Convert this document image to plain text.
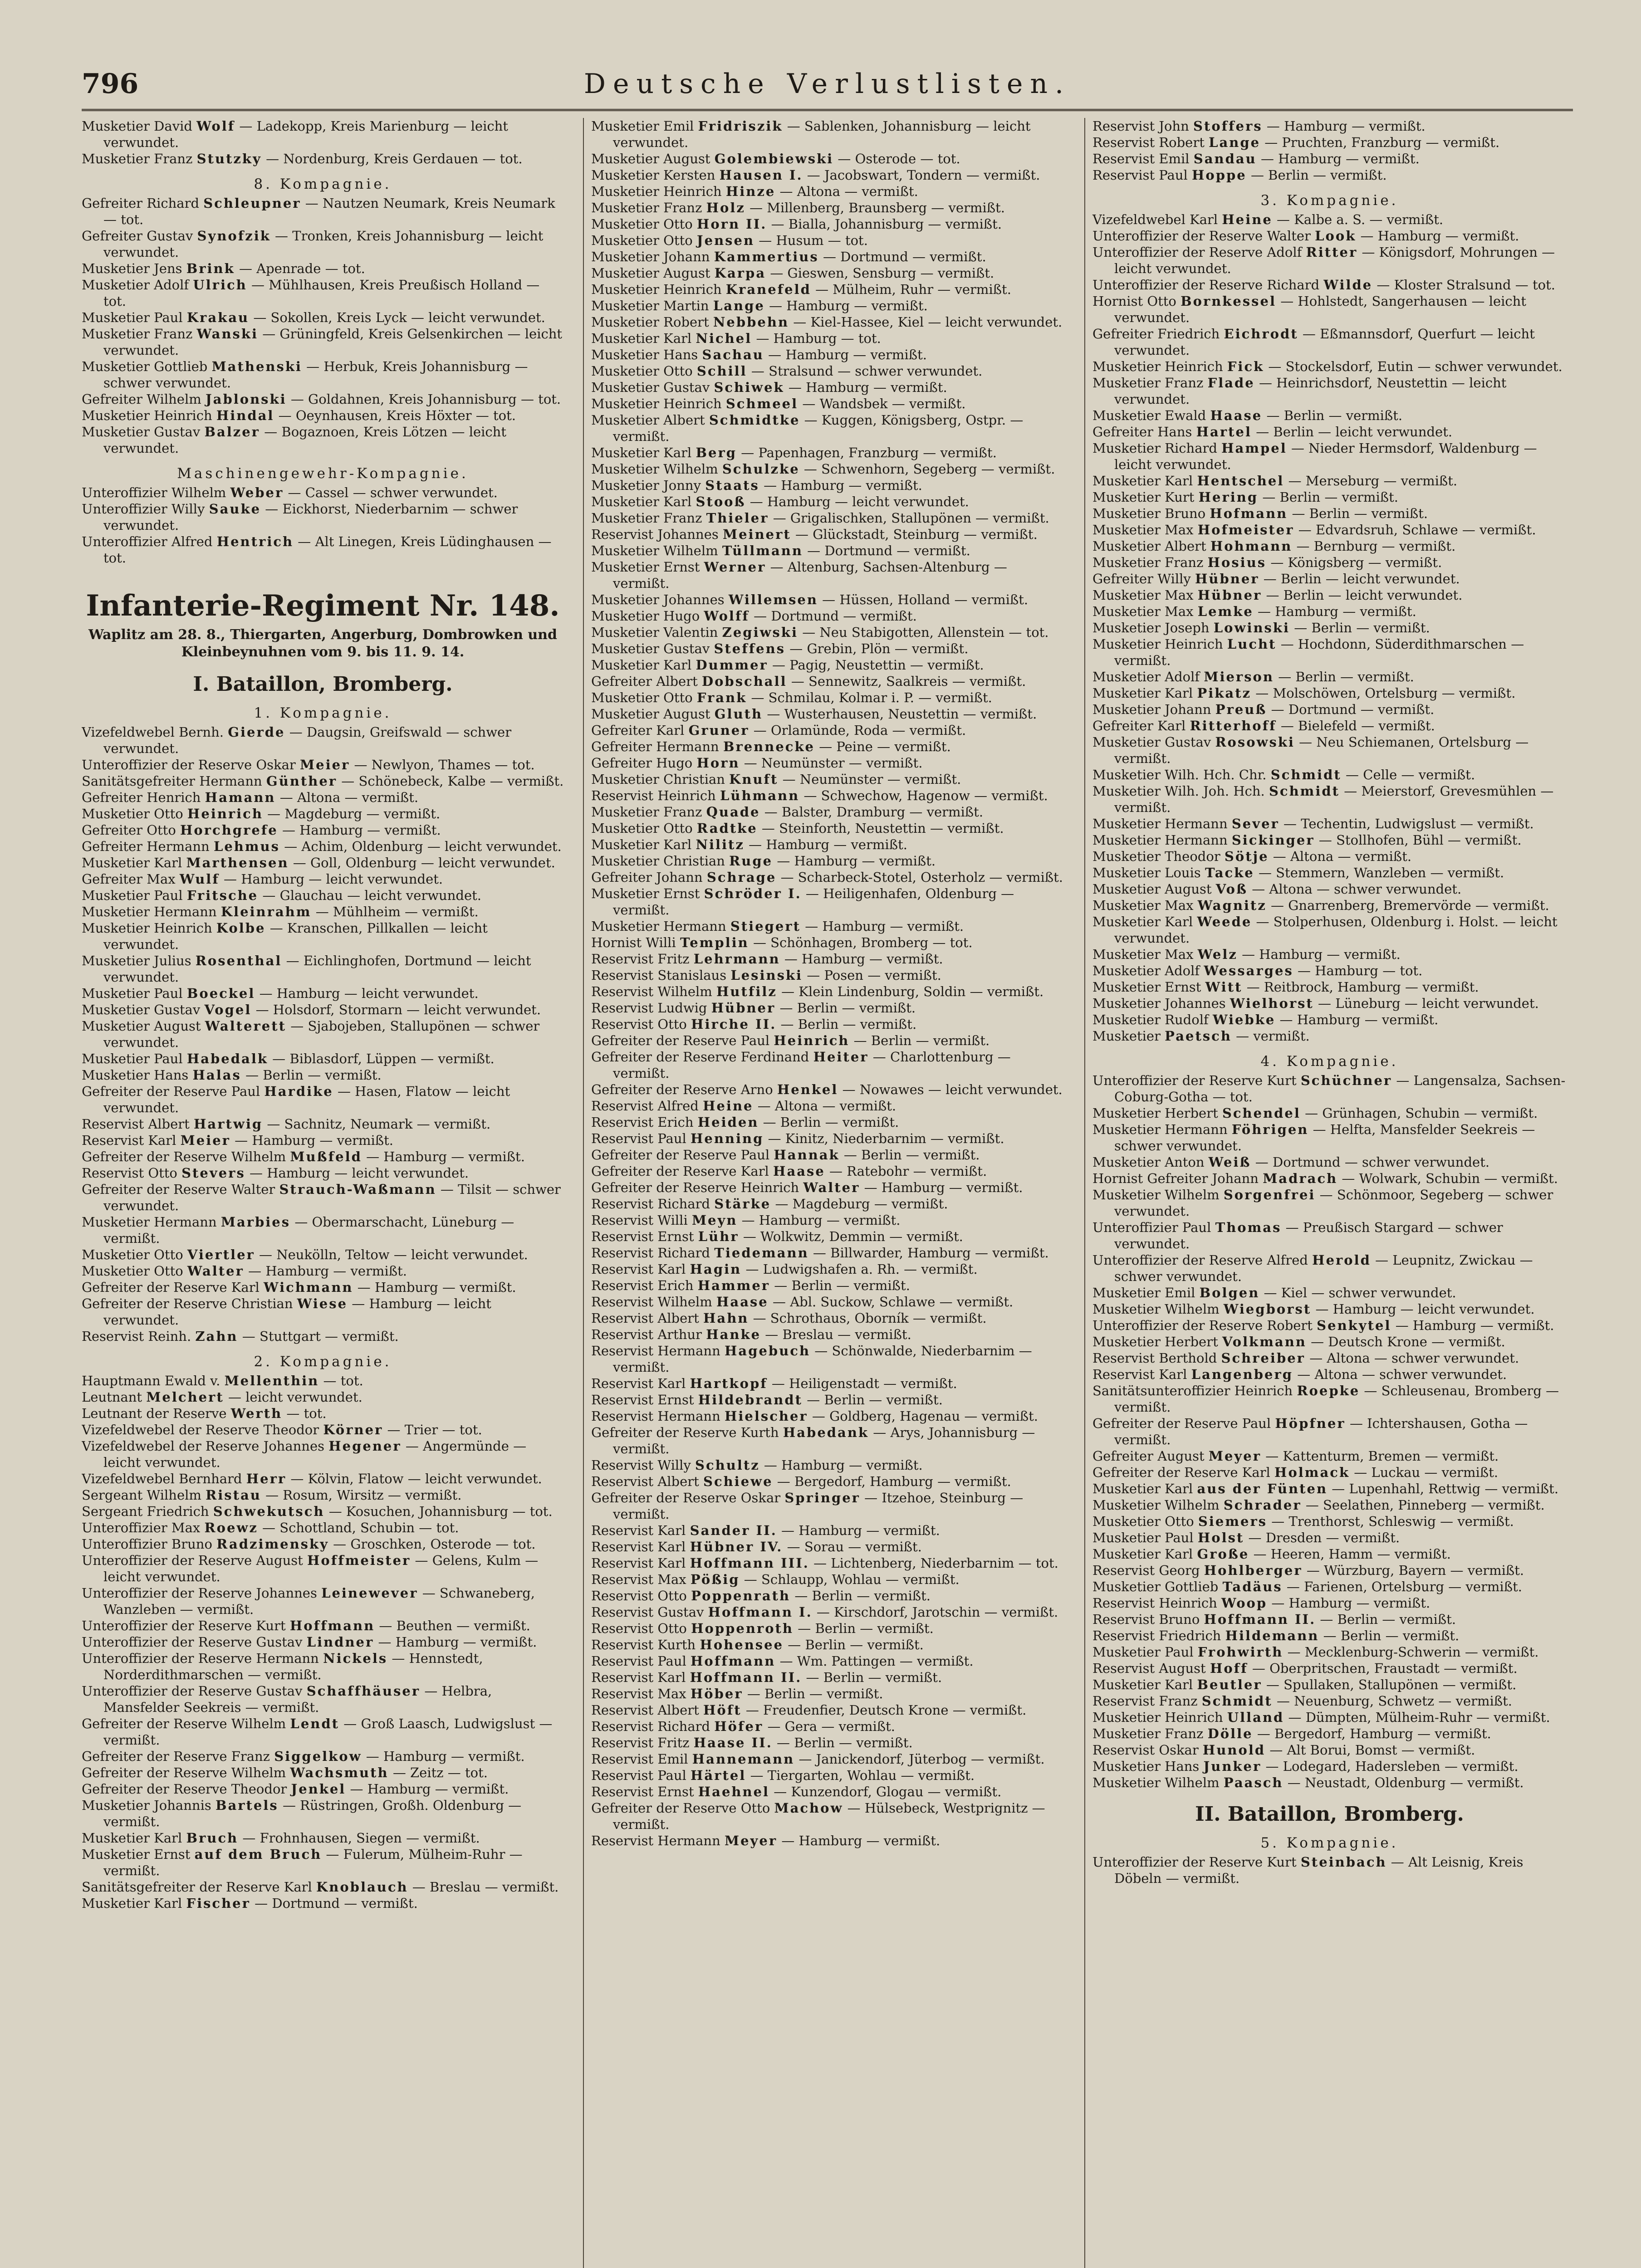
796	Deutsche Verlustlisten.

Musketier David Wolf — Ladekopp, Kreis Marienburg — leicht verwundet.

Musketier Franz Stutzky — Nordenburg, Kreis Gerdauen — tot.

8. Kompagnie.

Gefreiter Richard Schleupner — Nautzen Neumark, Kreis Neumark — tot.

Gefreiter Gustav Synofzik — Tronken, Kreis Johannisburg — leicht verwundet.

Musketier Jens Brink — Apenrade — tot.

Musketier Adolf Ulrich — Mühlhausen, Kreis Preußisch Holland — tot.

Musketier Paul Krakau — Sokollen, Kreis Lyck — leicht verwundet.

Musketier Franz Wanski — Grüningfeld, Kreis Gelsenkirchen — leicht verwundet.

Musketier Gottlieb Mathenski — Herbuk, Kreis Johannisburg — schwer verwundet.

Gefreiter Wilhelm Jablonski — Goldahnen, Kreis Johannisburg — tot.

Musketier Heinrich Hindal — Oeynhausen, Kreis Höxter — tot.

Musketier Gustav Balzer — Bogaznoen, Kreis Lötzen — leicht verwundet.

Maschinengewehr-Kompagnie.

Unteroffizier Wilhelm Weber — Cassel — schwer verwundet.

Unteroffizier Willy Sauke — Eickhorst, Niederbarnim — schwer verwundet.

Unteroffizier Alfred Hentrich — Alt Linegen, Kreis Lüdinghausen — tot.

Infanterie-Regiment Nr. 148.
Waplitz am 28. 8., Thiergarten, Angerburg, Dombrowken und Kleinbeynuhnen vom 9. bis 11. 9. 14.
I. Bataillon, Bromberg.
1. Kompagnie.

Vizefeldwebel Bernh. Gierde — Daugsin, Greifswald — schwer verwundet.

Unteroffizier der Reserve Oskar Meier — Newlyon, Thames — tot.

Sanitätsgefreiter Hermann Günther — Schönebeck, Kalbe — vermißt.

Gefreiter Henrich Hamann — Altona — vermißt.

Musketier Otto Heinrich — Magdeburg — vermißt.

Gefreiter Otto Horchgrefe — Hamburg — vermißt.

Gefreiter Hermann Lehmus — Achim, Oldenburg — leicht verwundet.

Musketier Karl Marthensen — Goll, Oldenburg — leicht verwundet.

Gefreiter Max Wulf — Hamburg — leicht verwundet.

Musketier Paul Fritsche — Glauchau — leicht verwundet.

Musketier Hermann Kleinrahm — Mühlheim — vermißt.

Musketier Heinrich Kolbe — Kranschen, Pillkallen — leicht verwundet.

Musketier Julius Rosenthal — Eichlinghofen, Dortmund — leicht verwundet.

Musketier Paul Boeckel — Hamburg — leicht verwundet.

Musketier Gustav Vogel — Holsdorf, Stormarn — leicht verwundet.

Musketier August Walterett — Sjabojeben, Stallupönen — schwer verwundet.

Musketier Paul Habedalk — Biblasdorf, Lüppen — vermißt.

Musketier Hans Halas — Berlin — vermißt.

Gefreiter der Reserve Paul Hardike — Hasen, Flatow — leicht verwundet.

Reservist Albert Hartwig — Sachnitz, Neumark — vermißt.

Reservist Karl Meier — Hamburg — vermißt.

Gefreiter der Reserve Wilhelm Mußfeld — Hamburg — vermißt.

Reservist Otto Stevers — Hamburg — leicht verwundet.

Gefreiter der Reserve Walter Strauch-Waßmann — Tilsit — schwer verwundet.

Musketier Hermann Marbies — Obermarschacht, Lüneburg — vermißt.

Musketier Otto Viertler — Neukölln, Teltow — leicht verwundet.

Musketier Otto Walter — Hamburg — vermißt.

Gefreiter der Reserve Karl Wichmann — Hamburg — vermißt.

Gefreiter der Reserve Christian Wiese — Hamburg — leicht verwundet.

Reservist Reinh. Zahn — Stuttgart — vermißt.

2. Kompagnie.

Hauptmann Ewald v. Mellenthin — tot.

Leutnant Melchert — leicht verwundet.

Leutnant der Reserve Werth — tot.

Vizefeldwebel der Reserve Theodor Körner — Trier — tot.

Vizefeldwebel der Reserve Johannes Hegener — Angermünde — leicht verwundet.

Vizefeldwebel Bernhard Herr — Kölvin, Flatow — leicht verwundet.

Sergeant Wilhelm Ristau — Rosum, Wirsitz — vermißt.

Sergeant Friedrich Schwekutsch — Kosuchen, Johannisburg — tot.

Unteroffizier Max Roewz — Schottland, Schubin — tot.

Unteroffizier Bruno Radzimensky — Groschken, Osterode — tot.

Unteroffizier der Reserve August Hoffmeister — Gelens, Kulm — leicht verwundet.

Unteroffizier der Reserve Johannes Leinewever — Schwaneberg, Wanzleben — vermißt.

Unteroffizier der Reserve Kurt Hoffmann — Beuthen — vermißt.

Unteroffizier der Reserve Gustav Lindner — Hamburg — vermißt.

Unteroffizier der Reserve Hermann Nickels — Hennstedt, Norderdithmarschen — vermißt.

Unteroffizier der Reserve Gustav Schaffhäuser — Helbra, Mansfelder Seekreis — vermißt.

Gefreiter der Reserve Wilhelm Lendt — Groß Laasch, Ludwigslust — vermißt.

Gefreiter der Reserve Franz Siggelkow — Hamburg — vermißt.

Gefreiter der Reserve Wilhelm Wachsmuth — Zeitz — tot.

Gefreiter der Reserve Theodor Jenkel — Hamburg — vermißt.

Musketier Johannis Bartels — Rüstringen, Großh. Oldenburg — vermißt.

Musketier Karl Bruch — Frohnhausen, Siegen — vermißt.

Musketier Ernst auf dem Bruch — Fulerum, Mülheim-Ruhr — vermißt.

Sanitätsgefreiter der Reserve Karl Knoblauch — Breslau — vermißt.

Musketier Karl Fischer — Dortmund — vermißt.

Musketier Emil Fridriszik — Sablenken, Johannisburg — leicht verwundet.

Musketier August Golembiewski — Osterode — tot.

Musketier Kersten Hausen I. — Jacobswart, Tondern — vermißt.

Musketier Heinrich Hinze — Altona — vermißt.

Musketier Franz Holz — Millenberg, Braunsberg — vermißt.

Musketier Otto Horn II. — Bialla, Johannisburg — vermißt.

Musketier Otto Jensen — Husum — tot.

Musketier Johann Kammertius — Dortmund — vermißt.

Musketier August Karpa — Gieswen, Sensburg — vermißt.

Musketier Heinrich Kranefeld — Mülheim, Ruhr — vermißt.

Musketier Martin Lange — Hamburg — vermißt.

Musketier Robert Nebbehn — Kiel-Hassee, Kiel — leicht verwundet.

Musketier Karl Nichel — Hamburg — tot.

Musketier Hans Sachau — Hamburg — vermißt.

Musketier Otto Schill — Stralsund — schwer verwundet.

Musketier Gustav Schiwek — Hamburg — vermißt.

Musketier Heinrich Schmeel — Wandsbek — vermißt.

Musketier Albert Schmidtke — Kuggen, Königsberg, Ostpr. — vermißt.

Musketier Karl Berg — Papenhagen, Franzburg — vermißt.

Musketier Wilhelm Schulzke — Schwenhorn, Segeberg — vermißt.

Musketier Jonny Staats — Hamburg — vermißt.

Musketier Karl Stooß — Hamburg — leicht verwundet.

Musketier Franz Thieler — Grigalischken, Stallupönen — vermißt.

Reservist Johannes Meinert — Glückstadt, Steinburg — vermißt.

Musketier Wilhelm Tüllmann — Dortmund — vermißt.

Musketier Ernst Werner — Altenburg, Sachsen-Altenburg — vermißt.

Musketier Johannes Willemsen — Hüssen, Holland — vermißt.

Musketier Hugo Wolff — Dortmund — vermißt.

Musketier Valentin Zegiwski — Neu Stabigotten, Allenstein — tot.

Musketier Gustav Steffens — Grebin, Plön — vermißt.

Musketier Karl Dummer — Pagig, Neustettin — vermißt.

Gefreiter Albert Dobschall — Sennewitz, Saalkreis — vermißt.

Musketier Otto Frank — Schmilau, Kolmar i. P. — vermißt.

Musketier August Gluth — Wusterhausen, Neustettin — vermißt.

Gefreiter Karl Gruner — Orlamünde, Roda — vermißt.

Gefreiter Hermann Brennecke — Peine — vermißt.

Gefreiter Hugo Horn — Neumünster — vermißt.

Musketier Christian Knuft — Neumünster — vermißt.

Reservist Heinrich Lühmann — Schwechow, Hagenow — vermißt.

Musketier Franz Quade — Balster, Dramburg — vermißt.

Musketier Otto Radtke — Steinforth, Neustettin — vermißt.

Musketier Karl Nilitz — Hamburg — vermißt.

Musketier Christian Ruge — Hamburg — vermißt.

Gefreiter Johann Schrage — Scharbeck-Stotel, Osterholz — vermißt.

Musketier Ernst Schröder I. — Heiligenhafen, Oldenburg — vermißt.

Musketier Hermann Stiegert — Hamburg — vermißt.

Hornist Willi Templin — Schönhagen, Bromberg — tot.

Reservist Fritz Lehrmann — Hamburg — vermißt.

Reservist Stanislaus Lesinski — Posen — vermißt.

Reservist Wilhelm Hutfilz — Klein Lindenburg, Soldin — vermißt.

Reservist Ludwig Hübner — Berlin — vermißt.

Reservist Otto Hirche II. — Berlin — vermißt.

Gefreiter der Reserve Paul Heinrich — Berlin — vermißt.

Gefreiter der Reserve Ferdinand Heiter — Charlottenburg — vermißt.

Gefreiter der Reserve Arno Henkel — Nowawes — leicht verwundet.

Reservist Alfred Heine — Altona — vermißt.

Reservist Erich Heiden — Berlin — vermißt.

Reservist Paul Henning — Kinitz, Niederbarnim — vermißt.

Gefreiter der Reserve Paul Hannak — Berlin — vermißt.

Gefreiter der Reserve Karl Haase — Ratebohr — vermißt.

Gefreiter der Reserve Heinrich Walter — Hamburg — vermißt.

Reservist Richard Stärke — Magdeburg — vermißt.

Reservist Willi Meyn — Hamburg — vermißt.

Reservist Ernst Lühr — Wolkwitz, Demmin — vermißt.

Reservist Richard Tiedemann — Billwarder, Hamburg — vermißt.

Reservist Karl Hagin — Ludwigshafen a. Rh. — vermißt.

Reservist Erich Hammer — Berlin — vermißt.

Reservist Wilhelm Haase — Abl. Suckow, Schlawe — vermißt.

Reservist Albert Hahn — Schrothaus, Oborník — vermißt.

Reservist Arthur Hanke — Breslau — vermißt.

Reservist Hermann Hagebuch — Schönwalde, Niederbarnim — vermißt.

Reservist Karl Hartkopf — Heiligenstadt — vermißt.

Reservist Ernst Hildebrandt — Berlin — vermißt.

Reservist Hermann Hielscher — Goldberg, Hagenau — vermißt.

Gefreiter der Reserve Kurth Habedank — Arys, Johannisburg — vermißt.

Reservist Willy Schultz — Hamburg — vermißt.

Reservist Albert Schiewe — Bergedorf, Hamburg — vermißt.

Gefreiter der Reserve Oskar Springer — Itzehoe, Steinburg — vermißt.

Reservist Karl Sander II. — Hamburg — vermißt.

Reservist Karl Hübner IV. — Sorau — vermißt.

Reservist Karl Hoffmann III. — Lichtenberg, Niederbarnim — tot.

Reservist Max Pößig — Schlaupp, Wohlau — vermißt.

Reservist Otto Poppenrath — Berlin — vermißt.

Reservist Gustav Hoffmann I. — Kirschdorf, Jarotschin — vermißt.

Reservist Otto Hoppenroth — Berlin — vermißt.

Reservist Kurth Hohensee — Berlin — vermißt.

Reservist Paul Hoffmann — Wm. Pattingen — vermißt.

Reservist Karl Hoffmann II. — Berlin — vermißt.

Reservist Max Höber — Berlin — vermißt.

Reservist Albert Höft — Freudenfier, Deutsch Krone — vermißt.

Reservist Richard Höfer — Gera — vermißt.

Reservist Fritz Haase II. — Berlin — vermißt.

Reservist Emil Hannemann — Janickendorf, Jüterbog — vermißt.

Reservist Paul Härtel — Tiergarten, Wohlau — vermißt.

Reservist Ernst Haehnel — Kunzendorf, Glogau — vermißt.

Gefreiter der Reserve Otto Machow — Hülsebeck, Westprignitz — vermißt.

Reservist Hermann Meyer — Hamburg — vermißt.

Reservist John Stoffers — Hamburg — vermißt.

Reservist Robert Lange — Pruchten, Franzburg — vermißt.

Reservist Emil Sandau — Hamburg — vermißt.

Reservist Paul Hoppe — Berlin — vermißt.

3. Kompagnie.

Vizefeldwebel Karl Heine — Kalbe a. S. — vermißt.

Unteroffizier der Reserve Walter Look — Hamburg — vermißt.

Unteroffizier der Reserve Adolf Ritter — Königsdorf, Mohrungen — leicht verwundet.

Unteroffizier der Reserve Richard Wilde — Kloster Stralsund — tot.

Hornist Otto Bornkessel — Hohlstedt, Sangerhausen — leicht verwundet.

Gefreiter Friedrich Eichrodt — Eßmannsdorf, Querfurt — leicht verwundet.

Musketier Heinrich Fick — Stockelsdorf, Eutin — schwer verwundet.

Musketier Franz Flade — Heinrichsdorf, Neustettin — leicht verwundet.

Musketier Ewald Haase — Berlin — vermißt.

Gefreiter Hans Hartel — Berlin — leicht verwundet.

Musketier Richard Hampel — Nieder Hermsdorf, Waldenburg — leicht verwundet.

Musketier Karl Hentschel — Merseburg — vermißt.

Musketier Kurt Hering — Berlin — vermißt.

Musketier Bruno Hofmann — Berlin — vermißt.

Musketier Max Hofmeister — Edvardsruh, Schlawe — vermißt.

Musketier Albert Hohmann — Bernburg — vermißt.

Musketier Franz Hosius — Königsberg — vermißt.

Gefreiter Willy Hübner — Berlin — leicht verwundet.

Musketier Max Hübner — Berlin — leicht verwundet.

Musketier Max Lemke — Hamburg — vermißt.

Musketier Joseph Lowinski — Berlin — vermißt.

Musketier Heinrich Lucht — Hochdonn, Süderdithmarschen — vermißt.

Musketier Adolf Mierson — Berlin — vermißt.

Musketier Karl Pikatz — Molschöwen, Ortelsburg — vermißt.

Musketier Johann Preuß — Dortmund — vermißt.

Gefreiter Karl Ritterhoff — Bielefeld — vermißt.

Musketier Gustav Rosowski — Neu Schiemanen, Ortelsburg — vermißt.

Musketier Wilh. Hch. Chr. Schmidt — Celle — vermißt.

Musketier Wilh. Joh. Hch. Schmidt — Meierstorf, Grevesmühlen — vermißt.

Musketier Hermann Sever — Techentin, Ludwigslust — vermißt.

Musketier Hermann Sickinger — Stollhofen, Bühl — vermißt.

Musketier Theodor Sötje — Altona — vermißt.

Musketier Louis Tacke — Stemmern, Wanzleben — vermißt.

Musketier August Voß — Altona — schwer verwundet.

Musketier Max Wagnitz — Gnarrenberg, Bremervörde — vermißt.

Musketier Karl Weede — Stolperhusen, Oldenburg i. Holst. — leicht verwundet.

Musketier Max Welz — Hamburg — vermißt.

Musketier Adolf Wessarges — Hamburg — tot.

Musketier Ernst Witt — Reitbrock, Hamburg — vermißt.

Musketier Johannes Wielhorst — Lüneburg — leicht verwundet.

Musketier Rudolf Wiebke — Hamburg — vermißt.

Musketier Paetsch — vermißt.

4. Kompagnie.

Unteroffizier der Reserve Kurt Schüchner — Langensalza, Sachsen-Coburg-Gotha — tot.

Musketier Herbert Schendel — Grünhagen, Schubin — vermißt.

Musketier Hermann Föhrigen — Helfta, Mansfelder Seekreis — schwer verwundet.

Musketier Anton Weiß — Dortmund — schwer verwundet.

Hornist Gefreiter Johann Madrach — Wolwark, Schubin — vermißt.

Musketier Wilhelm Sorgenfrei — Schönmoor, Segeberg — schwer verwundet.

Unteroffizier Paul Thomas — Preußisch Stargard — schwer verwundet.

Unteroffizier der Reserve Alfred Herold — Leupnitz, Zwickau — schwer verwundet.

Musketier Emil Bolgen — Kiel — schwer verwundet.

Musketier Wilhelm Wiegborst — Hamburg — leicht verwundet.

Unteroffizier der Reserve Robert Senkytel — Hamburg — vermißt.

Musketier Herbert Volkmann — Deutsch Krone — vermißt.

Reservist Berthold Schreiber — Altona — schwer verwundet.

Reservist Karl Langenberg — Altona — schwer verwundet.

Sanitätsunteroffizier Heinrich Roepke — Schleusenau, Bromberg — vermißt.

Gefreiter der Reserve Paul Höpfner — Ichtershausen, Gotha — vermißt.

Gefreiter August Meyer — Kattenturm, Bremen — vermißt.

Gefreiter der Reserve Karl Holmack — Luckau — vermißt.

Musketier Karl aus der Fünten — Lupenhahl, Rettwig — vermißt.

Musketier Wilhelm Schrader — Seelathen, Pinneberg — vermißt.

Musketier Otto Siemers — Trenthorst, Schleswig — vermißt.

Musketier Paul Holst — Dresden — vermißt.

Musketier Karl Große — Heeren, Hamm — vermißt.

Reservist Georg Hohlberger — Würzburg, Bayern — vermißt.

Musketier Gottlieb Tadäus — Farienen, Ortelsburg — vermißt.

Reservist Heinrich Woop — Hamburg — vermißt.

Reservist Bruno Hoffmann II. — Berlin — vermißt.

Reservist Friedrich Hildemann — Berlin — vermißt.

Musketier Paul Frohwirth — Mecklenburg-Schwerin — vermißt.

Reservist August Hoff — Oberpritschen, Fraustadt — vermißt.

Musketier Karl Beutler — Spullaken, Stallupönen — vermißt.

Reservist Franz Schmidt — Neuenburg, Schwetz — vermißt.

Musketier Heinrich Ulland — Dümpten, Mülheim-Ruhr — vermißt.

Musketier Franz Dölle — Bergedorf, Hamburg — vermißt.

Reservist Oskar Hunold — Alt Borui, Bomst — vermißt.

Musketier Hans Junker — Lodegard, Hadersleben — vermißt.

Musketier Wilhelm Paasch — Neustadt, Oldenburg — vermißt.

II. Bataillon, Bromberg.
5. Kompagnie.

Unteroffizier der Reserve Kurt Steinbach — Alt Leisnig, Kreis Döbeln — vermißt.
